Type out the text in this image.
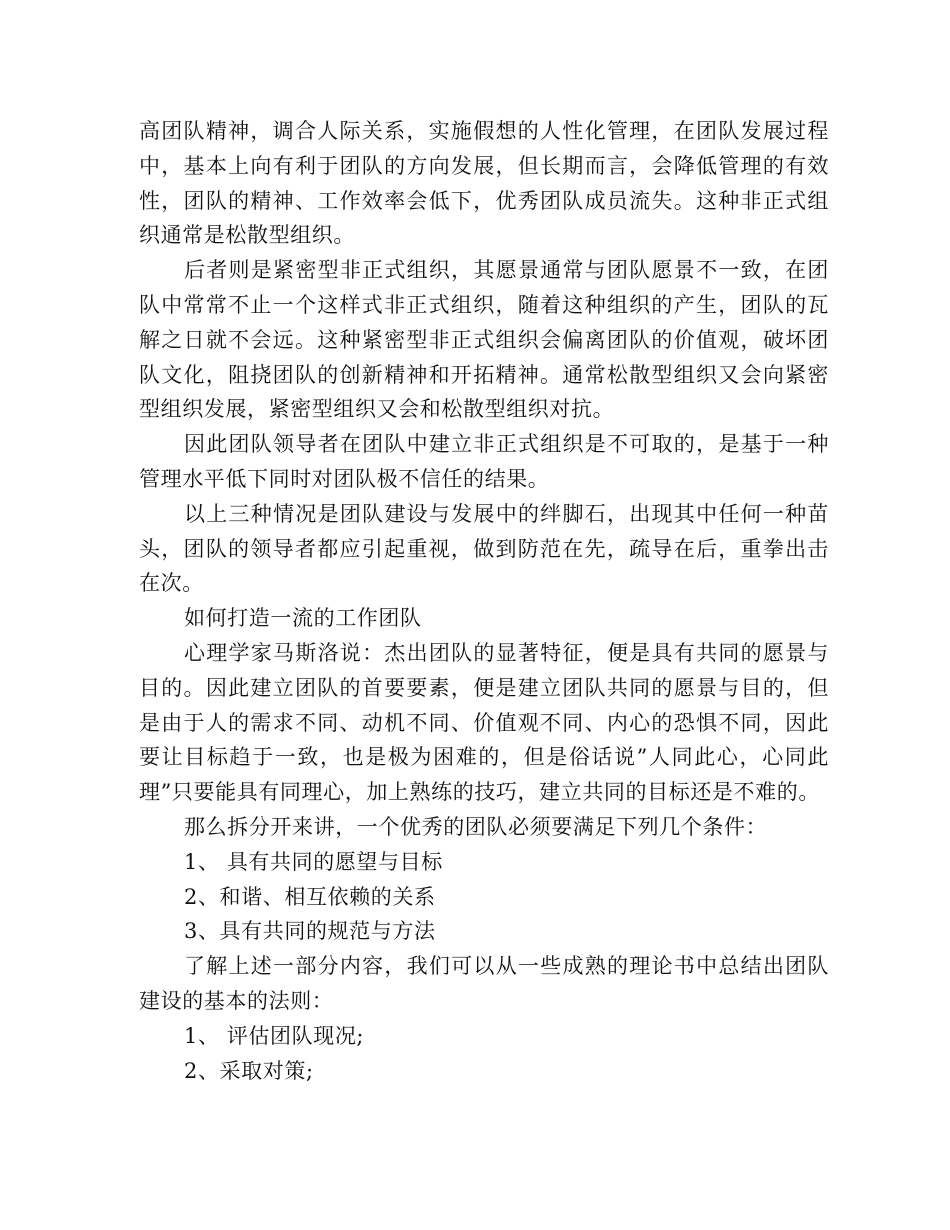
高团队精神，调合人际关系，实施假想的人性化管理，在团队发展过程中，基本上向有利于团队的方向发展，但长期而言，会降低管理的有效性，团队的精神、工作效率会低下，优秀团队成员流失。这种非正式组织通常是松散型组织。

后者则是紧密型非正式组织，其愿景通常与团队愿景不一致，在团队中常常不止一个这样式非正式组织，随着这种组织的产生，团队的瓦解之日就不会远。这种紧密型非正式组织会偏离团队的价值观，破坏团队文化，阻挠团队的创新精神和开拓精神。通常松散型组织又会向紧密型组织发展，紧密型组织又会和松散型组织对抗。

因此团队领导者在团队中建立非正式组织是不可取的，是基于一种管理水平低下同时对团队极不信任的结果。

以上三种情况是团队建设与发展中的绊脚石，出现其中任何一种苗头，团队的领导者都应引起重视，做到防范在先，疏导在后，重拳出击在次。

如何打造一流的工作团队

心理学家马斯洛说：杰出团队的显著特征，便是具有共同的愿景与目的。因此建立团队的首要要素，便是建立团队共同的愿景与目的，但是由于人的需求不同、动机不同、价值观不同、内心的恐惧不同，因此要让目标趋于一致，也是极为困难的，但是俗话说”人同此心，心同此理”只要能具有同理心，加上熟练的技巧，建立共同的目标还是不难的。

那么拆分开来讲，一个优秀的团队必须要满足下列几个条件：

1、 具有共同的愿望与目标

2、和谐、相互依赖的关系

3、具有共同的规范与方法

了解上述一部分内容，我们可以从一些成熟的理论书中总结出团队建设的基本的法则：

1、 评估团队现况;

2、采取对策;
